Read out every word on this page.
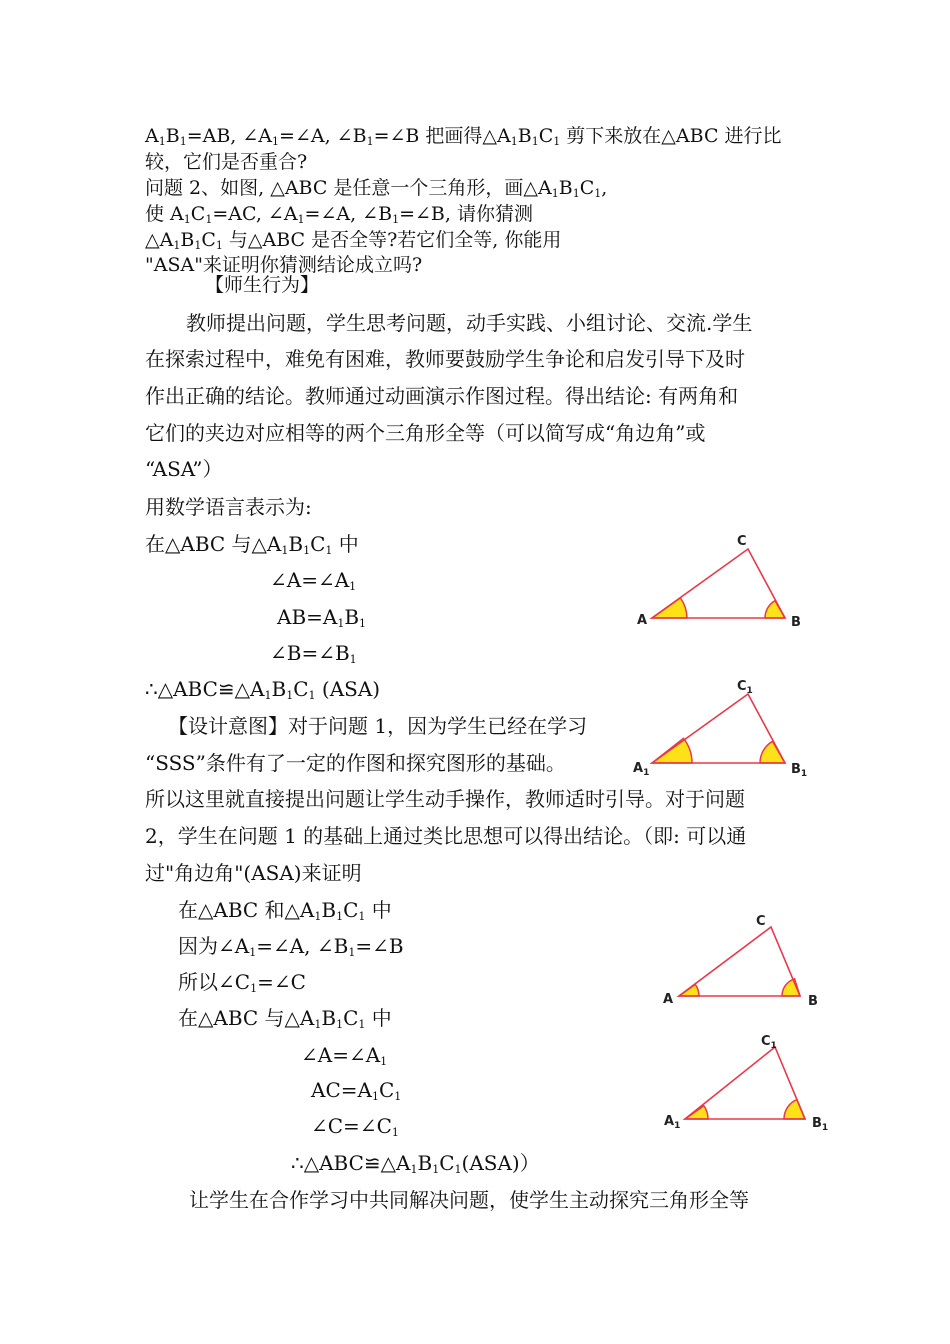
$A_1B_1=AB$, $\angle A_1=\angle A$, $\angle B_1=\angle B$ 把画得$\triangle A_1B_1C_1$ 剪下来放在△ABC 进行比
较，它们是否重合?
问题 2、如图, △ABC 是任意一个三角形，画$\triangle A_1B_1C_1$,
使 $A_1C_1=AC$, $\angle A_1=\angle A$, $\angle B_1=\angle B$, 请你猜测
$\triangle A_1B_1C_1$ 与△ABC 是否全等?若它们全等, 你能用
"ASA"来证明你猜测结论成立吗?
【师生行为】
教师提出问题，学生思考问题，动手实践、小组讨论、交流.学生
在探索过程中，难免有困难，教师要鼓励学生争论和启发引导下及时
作出正确的结论。教师通过动画演示作图过程。得出结论: 有两角和
它们的夹边对应相等的两个三角形全等（可以简写成“角边角”或
“ASA”）
用数学语言表示为:
在△ABC 与$\triangle A_1B_1C_1$ 中
$\angle A=\angle A_1$
$AB=A_1B_1$
$\angle B=\angle B_1$
$\therefore\triangle ABC≌\triangle A_1B_1C_1$ (ASA)
【设计意图】对于问题 1，因为学生已经在学习
“SSS”条件有了一定的作图和探究图形的基础。
所以这里就直接提出问题让学生动手操作，教师适时引导。对于问题
2，学生在问题 1 的基础上通过类比思想可以得出结论。（即: 可以通
过"角边角"(ASA)来证明
在△ABC 和$\triangle A_1B_1C_1$ 中
因为$\angle A_1=\angle A$, $\angle B_1=\angle B$
所以$\angle C_1=\angle C$
在△ABC 与$\triangle A_1B_1C_1$ 中
$\angle A=\angle A_1$
$AC=A_1C_1$
$\angle C=\angle C_1$
$\therefore\triangle ABC≌\triangle A_1B_1C_1(ASA)$）
让学生在合作学习中共同解决问题，使学生主动探究三角形全等
A	B
C
$A_1$	$B_1$
$C_1$
A	B
C
$A_1$	$B_1$
$C_1$
